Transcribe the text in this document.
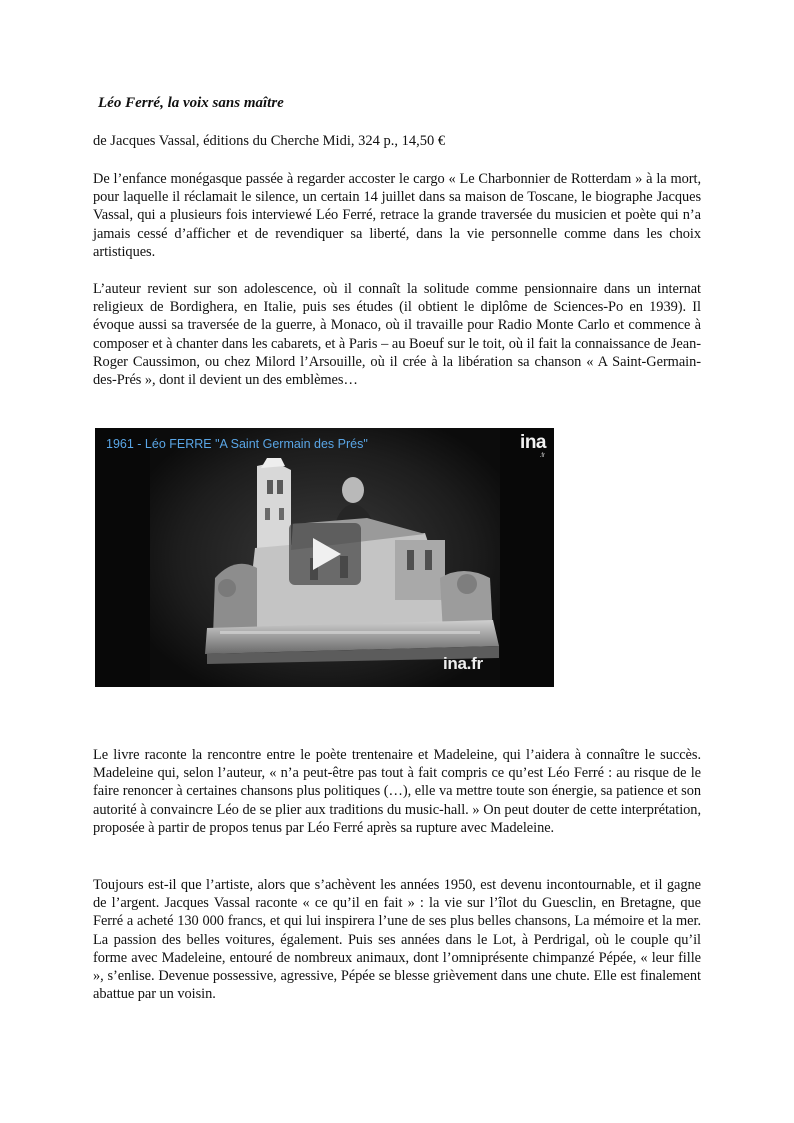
Léo Ferré, la voix sans maître

de Jacques Vassal, éditions du Cherche Midi, 324 p., 14,50 €

De l’enfance monégasque passée à regarder accoster le cargo « Le Charbonnier de Rotterdam » à la mort, pour laquelle il réclamait le silence, un certain 14 juillet dans sa maison de Toscane, le biographe Jacques Vassal, qui a plusieurs fois interviewé Léo Ferré, retrace la grande traversée du musicien et poète qui n’a jamais cessé d’afficher et de revendiquer sa liberté, dans la vie personnelle comme dans les choix artistiques.

L’auteur revient sur son adolescence, où il connaît la solitude comme pensionnaire dans un internat religieux de Bordighera, en Italie, puis ses études (il obtient le diplôme de Sciences-Po en 1939). Il évoque aussi sa traversée de la guerre, à Monaco, où il travaille pour Radio Monte Carlo et commence à composer et à chanter dans les cabarets, et à Paris – au Boeuf sur le toit, où il fait la connaissance de Jean-Roger Caussimon, ou chez Milord l’Arsouille, où il crée à la libération sa chanson « A Saint-Germain-des-Prés », dont il devient un des emblèmes…

1961 - Léo FERRE "A Saint Germain des Prés"	ina
.fr
ina.fr

Le livre raconte la rencontre entre le poète trentenaire et Madeleine, qui l’aidera à connaître le succès. Madeleine qui, selon l’auteur, « n’a peut-être pas tout à fait compris ce qu’est Léo Ferré : au risque de le faire renoncer à certaines chansons plus politiques (…), elle va mettre toute son énergie, sa patience et son autorité à convaincre Léo de se plier aux traditions du music-hall. » On peut douter de cette interprétation, proposée à partir de propos tenus par Léo Ferré après sa rupture avec Madeleine.

Toujours est-il que l’artiste, alors que s’achèvent les années 1950, est devenu incontournable, et il gagne de l’argent. Jacques Vassal raconte « ce qu’il en fait » : la vie sur l’îlot du Guesclin, en Bretagne, que Ferré a acheté 130 000 francs, et qui lui inspirera l’une de ses plus belles chansons, La mémoire et la mer. La passion des belles voitures, également. Puis ses années dans le Lot, à Perdrigal, où le couple qu’il forme avec Madeleine, entouré de nombreux animaux, dont l’omniprésente chimpanzé Pépée, « leur fille », s’enlise. Devenue possessive, agressive, Pépée se blesse grièvement dans une chute. Elle est finalement abattue par un voisin.
